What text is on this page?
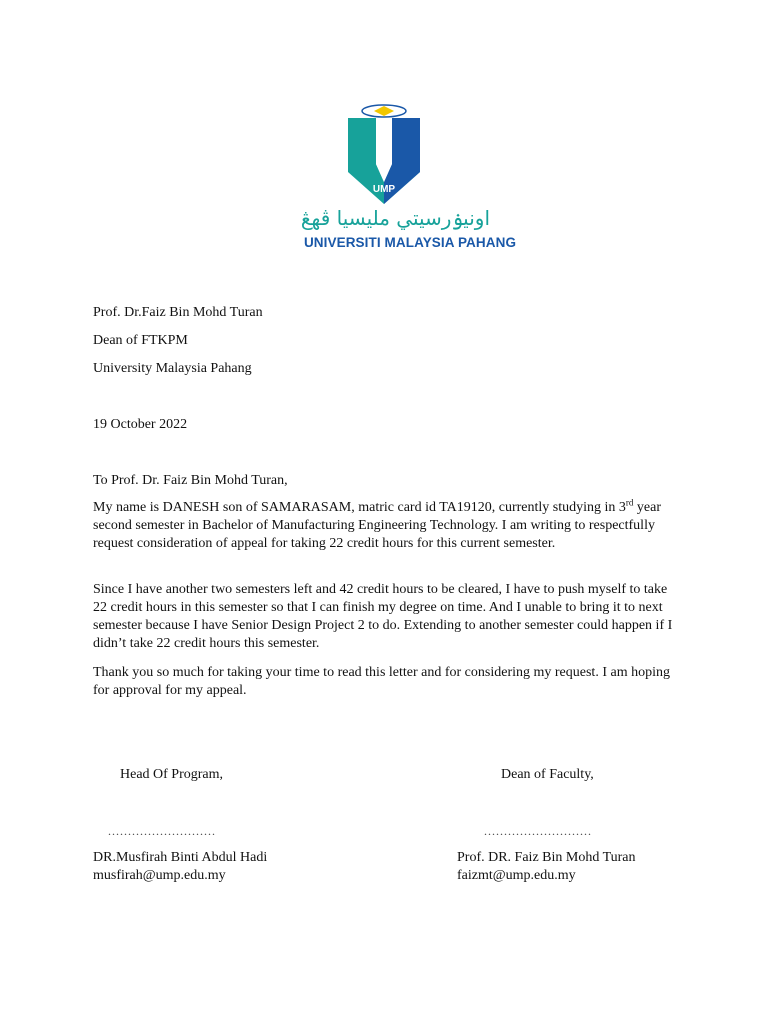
UMP
اونيۏرسيتي مليسيا ڤهڠ
UNIVERSITI MALAYSIA PAHANG
Prof. Dr.Faiz Bin Mohd Turan
Dean of FTKPM
University Malaysia Pahang
19 October 2022
To Prof. Dr. Faiz Bin Mohd Turan,
My name is DANESH son of SAMARASAM, matric card id TA19120, currently studying in 3rd year second semester in Bachelor of Manufacturing Engineering Technology. I am writing to respectfully request consideration of appeal for taking 22 credit hours for this current semester.
Since I have another two semesters left and 42 credit hours to be cleared, I have to push myself to take 22 credit hours in this semester so that I can finish my degree on time. And I unable to bring it to next semester because I have Senior Design Project 2 to do. Extending to another semester could happen if I didn’t take 22 credit hours this semester.
Thank you so much for taking your time to read this letter and for considering my request. I am hoping for approval for my appeal.
Head Of Program,	Dean of Faculty,
...........................	...........................
DR.Musfirah Binti Abdul Hadi
musfirah@ump.edu.my
Prof. DR. Faiz Bin Mohd Turan
faizmt@ump.edu.my
